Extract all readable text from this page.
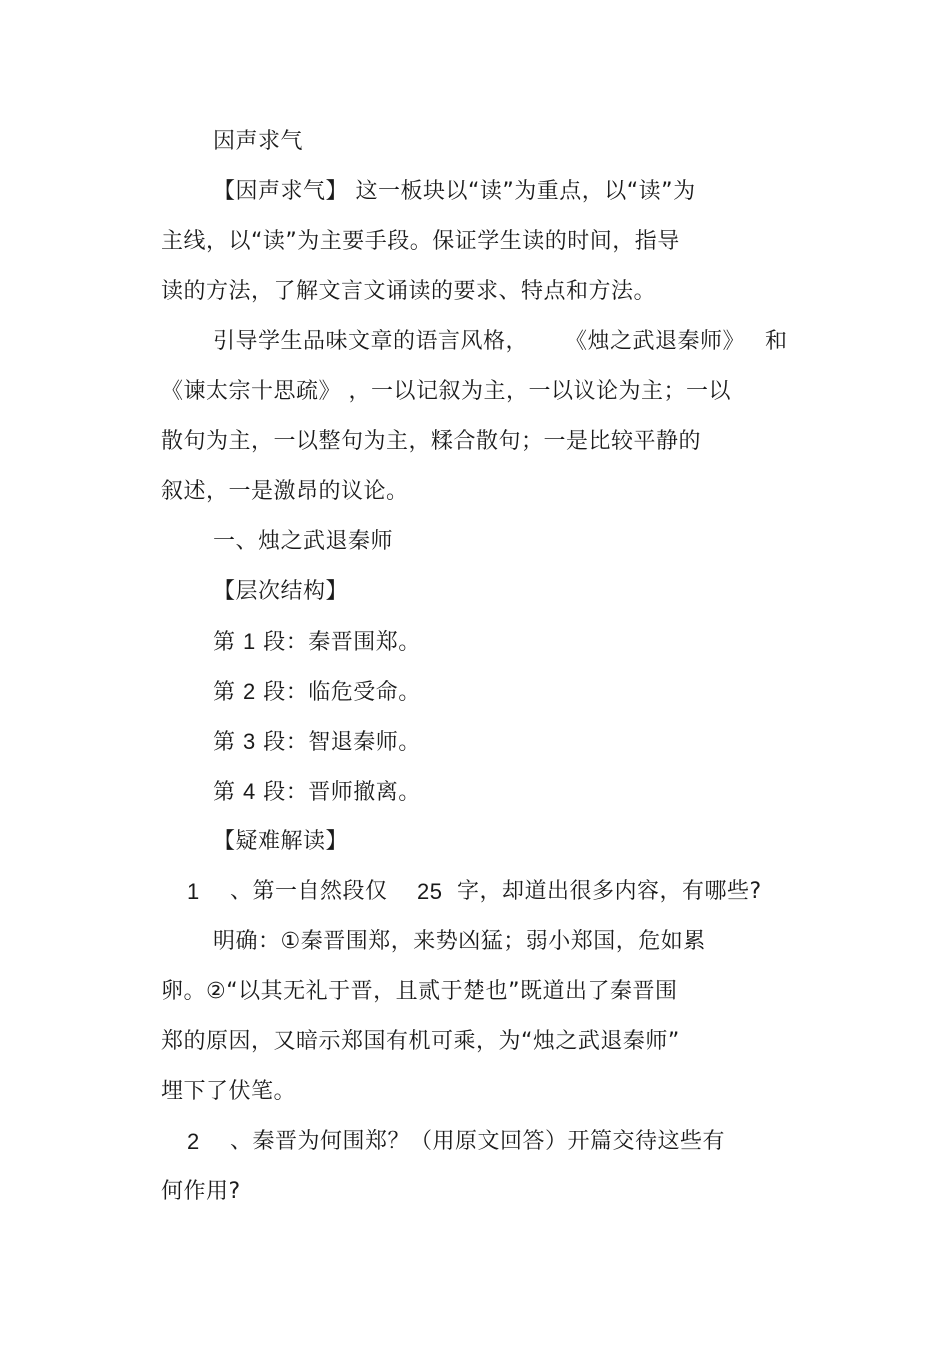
因声求气
【因声求气】 这一板块以“读”为重点，以“读”为
主线，以“读”为主要手段。保证学生读的时间，指导
读的方法，了解文言文诵读的要求、特点和方法。
引导学生品味文章的语言风格， 《烛之武退秦师》 和
《谏太宗十思疏》 ，一以记叙为主，一以议论为主；一以
散句为主，一以整句为主，糅合散句；一是比较平静的
叙述，一是激昂的议论。
一、烛之武退秦师
【层次结构】
第 1 段：秦晋围郑。
第 2 段：临危受命。
第 3 段：智退秦师。
第 4 段：晋师撤离。
【疑难解读】
1 、第一自然段仅 25 字，却道出很多内容，有哪些?
明确：①秦晋围郑，来势凶猛；弱小郑国，危如累
卵。②“以其无礼于晋，且贰于楚也”既道出了秦晋围
郑的原因，又暗示郑国有机可乘，为“烛之武退秦师”
埋下了伏笔。
2 、秦晋为何围郑？（用原文回答）开篇交待这些有
何作用?
